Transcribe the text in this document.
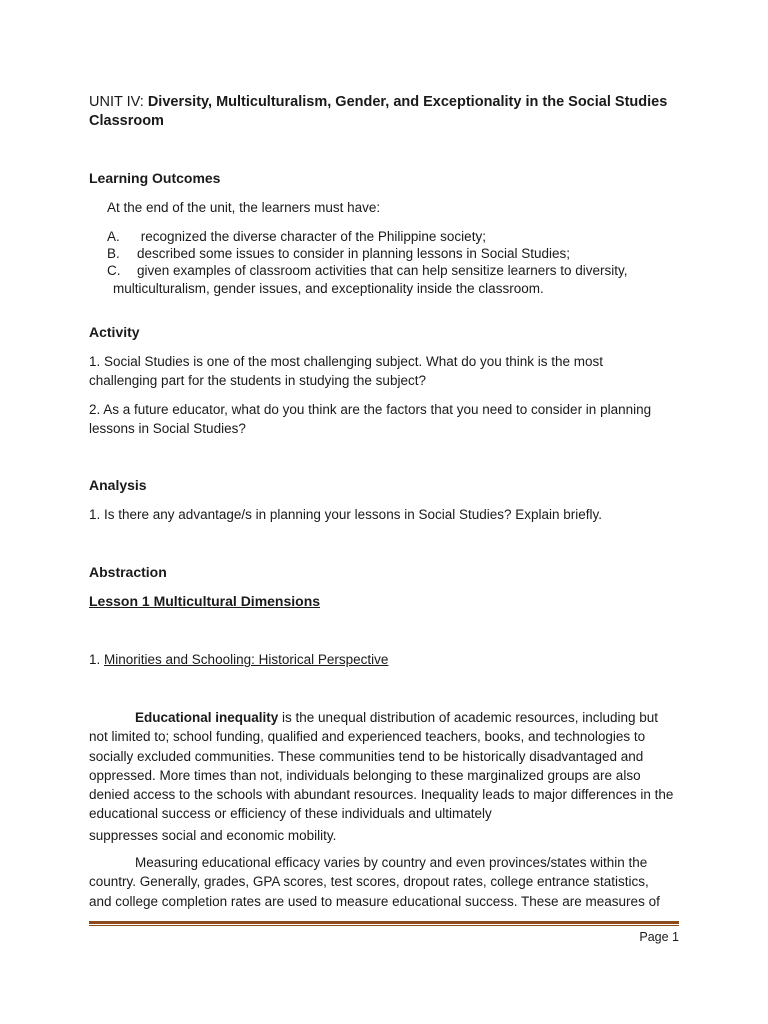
UNIT IV: Diversity, Multiculturalism, Gender, and Exceptionality in the Social Studies Classroom
Learning Outcomes
At the end of the unit, the learners must have:
A. recognized the diverse character of the Philippine society;
B. described some issues to consider in planning lessons in Social Studies;
C. given examples of classroom activities that can help sensitize learners to diversity,
multiculturalism, gender issues, and exceptionality inside the classroom.
Activity
1. Social Studies is one of the most challenging subject. What do you think is the most challenging part for the students in studying the subject?
2. As a future educator, what do you think are the factors that you need to consider in planning lessons in Social Studies?
Analysis
1. Is there any advantage/s in planning your lessons in Social Studies? Explain briefly.
Abstraction
Lesson 1 Multicultural Dimensions
1. Minorities and Schooling: Historical Perspective
Educational inequality is the unequal distribution of academic resources, including but not limited to; school funding, qualified and experienced teachers, books, and technologies to socially excluded communities. These communities tend to be historically disadvantaged and oppressed. More times than not, individuals belonging to these marginalized groups are also denied access to the schools with abundant resources. Inequality leads to major differences in the educational success or efficiency of these individuals and ultimately
suppresses social and economic mobility.
Measuring educational efficacy varies by country and even provinces/states within the country. Generally, grades, GPA scores, test scores, dropout rates, college entrance statistics, and college completion rates are used to measure educational success. These are measures of
Page 1
